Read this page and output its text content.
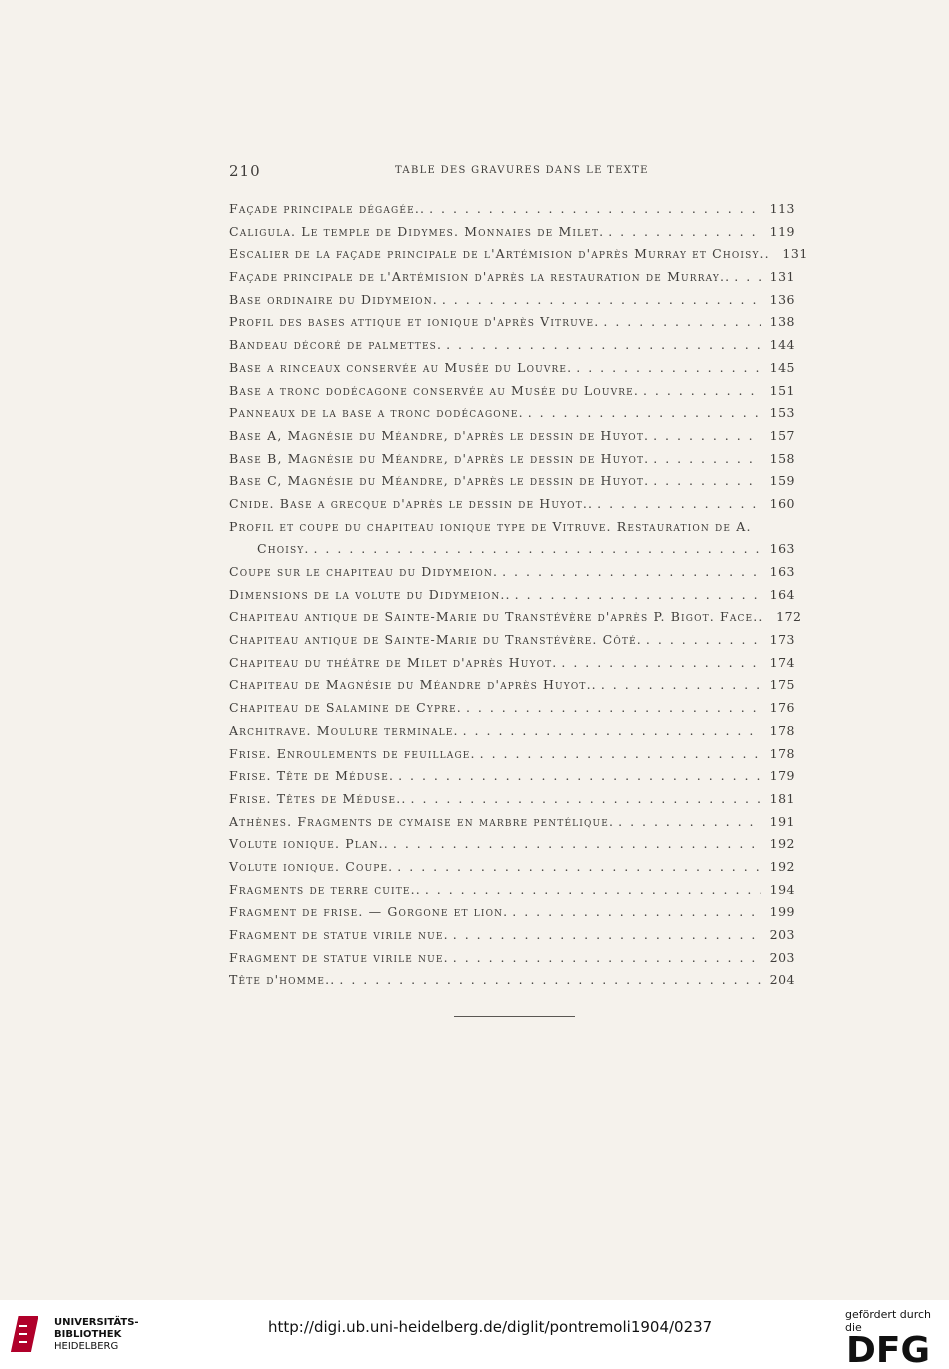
210	TABLE DES GRAVURES DANS LE TEXTE
Façade principale dégagée.. . . .	113
Caligula. Le temple de Didymes. Monnaies de Milet. . . .	119
Escalier de la façade principale de l'Artémision d'après Murray et Choisy.. 131
Façade principale de l'Artémision d'après la restauration de Murray.. . . .	131
Base ordinaire du Didymeion. . . .	136
Profil des bases attique et ionique d'après Vitruve. . . .	138
Bandeau décoré de palmettes. . . .	144
Base a rinceaux conservée au Musée du Louvre. . . .	145
Base a tronc dodécagone conservée au Musée du Louvre. . . .	151
Panneaux de la base a tronc dodécagone. . . .	153
Base A, Magnésie du Méandre, d'après le dessin de Huyot. . . .	157
Base B, Magnésie du Méandre, d'après le dessin de Huyot. . . .	158
Base C, Magnésie du Méandre, d'après le dessin de Huyot. . . .	159
Cnide. Base a grecque d'après le dessin de Huyot.. . . .	160
Profil et coupe du chapiteau ionique type de Vitruve. Restauration de A.
Choisy. . . .	163
Coupe sur le chapiteau du Didymeion. . . .	163
Dimensions de la volute du Didymeion.. . . .	164
Chapiteau antique de Sainte-Marie du Transtévère d'après P. Bigot. Face.. 172
Chapiteau antique de Sainte-Marie du Transtévère. Côté. . . .	173
Chapiteau du théâtre de Milet d'après Huyot. . . .	174
Chapiteau de Magnésie du Méandre d'après Huyot.. . . .	175
Chapiteau de Salamine de Cypre. . . .	176
Architrave. Moulure terminale. . . .	178
Frise. Enroulements de feuillage. . . .	178
Frise. Tête de Méduse. . . .	179
Frise. Têtes de Méduse.. . . .	181
Athènes. Fragments de cymaise en marbre pentélique. . . .	191
Volute ionique. Plan.. . . .	192
Volute ionique. Coupe. . . .	192
Fragments de terre cuite.. . . .	194
Fragment de frise. — Gorgone et lion. . . .	199
Fragment de statue virile nue. . . .	203
Fragment de statue virile nue. . . .	203
Tête d'homme.. . . .	204
UNIVERSITÄTS-
BIBLIOTHEK
HEIDELBERG
http://digi.ub.uni-heidelberg.de/diglit/pontremoli1904/0237
gefördert durch die
DFG
